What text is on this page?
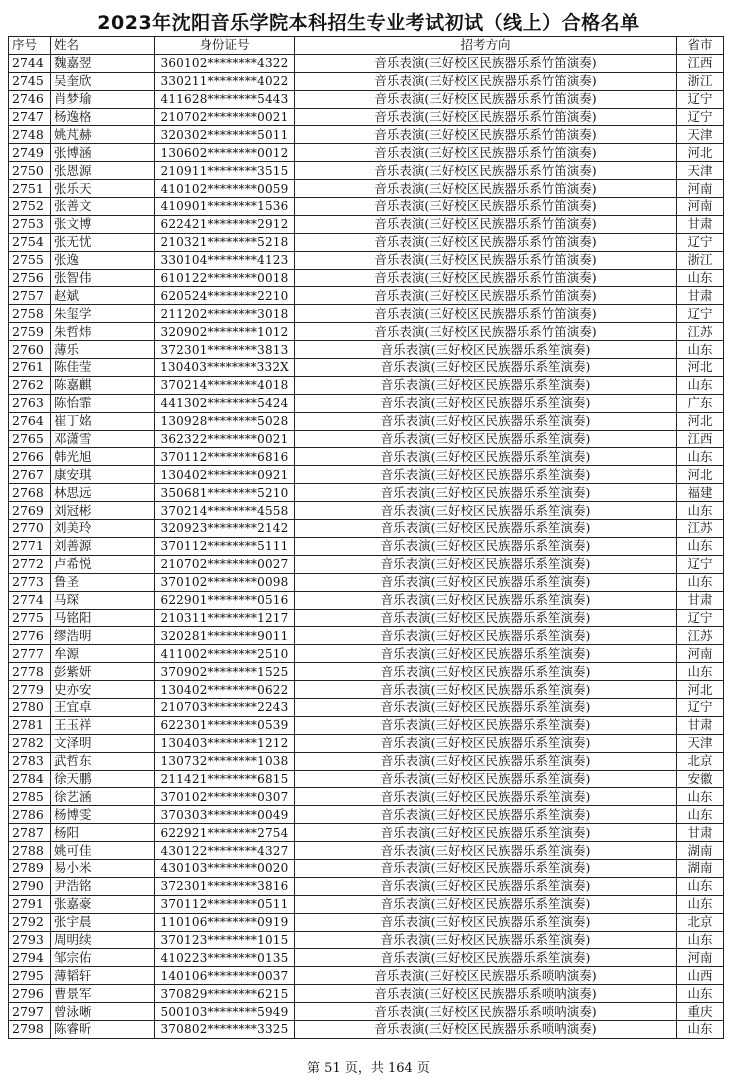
2023年沈阳音乐学院本科招生专业考试初试（线上）合格名单
序号	姓名	身份证号	招考方向	省市
2744	魏嘉翌	360102********4322	音乐表演(三好校区民族器乐系竹笛演奏)	江西
2745	吴奎欣	330211********4022	音乐表演(三好校区民族器乐系竹笛演奏)	浙江
2746	肖梦瑜	411628********5443	音乐表演(三好校区民族器乐系竹笛演奏)	辽宁
2747	杨逸格	210702********0021	音乐表演(三好校区民族器乐系竹笛演奏)	辽宁
2748	姚芃赫	320302********5011	音乐表演(三好校区民族器乐系竹笛演奏)	天津
2749	张博涵	130602********0012	音乐表演(三好校区民族器乐系竹笛演奏)	河北
2750	张恩源	210911********3515	音乐表演(三好校区民族器乐系竹笛演奏)	天津
2751	张乐天	410102********0059	音乐表演(三好校区民族器乐系竹笛演奏)	河南
2752	张善文	410901********1536	音乐表演(三好校区民族器乐系竹笛演奏)	河南
2753	张文博	622421********2912	音乐表演(三好校区民族器乐系竹笛演奏)	甘肃
2754	张无忧	210321********5218	音乐表演(三好校区民族器乐系竹笛演奏)	辽宁
2755	张逸	330104********4123	音乐表演(三好校区民族器乐系竹笛演奏)	浙江
2756	张智伟	610122********0018	音乐表演(三好校区民族器乐系竹笛演奏)	山东
2757	赵斌	620524********2210	音乐表演(三好校区民族器乐系竹笛演奏)	甘肃
2758	朱玺学	211202********3018	音乐表演(三好校区民族器乐系竹笛演奏)	辽宁
2759	朱哲炜	320902********1012	音乐表演(三好校区民族器乐系竹笛演奏)	江苏
2760	薄乐	372301********3813	音乐表演(三好校区民族器乐系笙演奏)	山东
2761	陈佳莹	130403********332X	音乐表演(三好校区民族器乐系笙演奏)	河北
2762	陈嘉麒	370214********4018	音乐表演(三好校区民族器乐系笙演奏)	山东
2763	陈怡霏	441302********5424	音乐表演(三好校区民族器乐系笙演奏)	广东
2764	崔丁姳	130928********5028	音乐表演(三好校区民族器乐系笙演奏)	河北
2765	邓潇雪	362322********0021	音乐表演(三好校区民族器乐系笙演奏)	江西
2766	韩光旭	370112********6816	音乐表演(三好校区民族器乐系笙演奏)	山东
2767	康安琪	130402********0921	音乐表演(三好校区民族器乐系笙演奏)	河北
2768	林思远	350681********5210	音乐表演(三好校区民族器乐系笙演奏)	福建
2769	刘冠彬	370214********4558	音乐表演(三好校区民族器乐系笙演奏)	山东
2770	刘美玲	320923********2142	音乐表演(三好校区民族器乐系笙演奏)	江苏
2771	刘善源	370112********5111	音乐表演(三好校区民族器乐系笙演奏)	山东
2772	卢希悦	210702********0027	音乐表演(三好校区民族器乐系笙演奏)	辽宁
2773	鲁圣	370102********0098	音乐表演(三好校区民族器乐系笙演奏)	山东
2774	马琛	622901********0516	音乐表演(三好校区民族器乐系笙演奏)	甘肃
2775	马铭阳	210311********1217	音乐表演(三好校区民族器乐系笙演奏)	辽宁
2776	缪浩明	320281********9011	音乐表演(三好校区民族器乐系笙演奏)	江苏
2777	牟源	411002********2510	音乐表演(三好校区民族器乐系笙演奏)	河南
2778	彭紫妍	370902********1525	音乐表演(三好校区民族器乐系笙演奏)	山东
2779	史亦安	130402********0622	音乐表演(三好校区民族器乐系笙演奏)	河北
2780	王宜卓	210703********2243	音乐表演(三好校区民族器乐系笙演奏)	辽宁
2781	王玉祥	622301********0539	音乐表演(三好校区民族器乐系笙演奏)	甘肃
2782	文泽明	130403********1212	音乐表演(三好校区民族器乐系笙演奏)	天津
2783	武哲东	130732********1038	音乐表演(三好校区民族器乐系笙演奏)	北京
2784	徐天鹏	211421********6815	音乐表演(三好校区民族器乐系笙演奏)	安徽
2785	徐艺涵	370102********0307	音乐表演(三好校区民族器乐系笙演奏)	山东
2786	杨博雯	370303********0049	音乐表演(三好校区民族器乐系笙演奏)	山东
2787	杨阳	622921********2754	音乐表演(三好校区民族器乐系笙演奏)	甘肃
2788	姚可佳	430122********4327	音乐表演(三好校区民族器乐系笙演奏)	湖南
2789	易小米	430103********0020	音乐表演(三好校区民族器乐系笙演奏)	湖南
2790	尹浩铭	372301********3816	音乐表演(三好校区民族器乐系笙演奏)	山东
2791	张嘉豪	370112********0511	音乐表演(三好校区民族器乐系笙演奏)	山东
2792	张宇晨	110106********0919	音乐表演(三好校区民族器乐系笙演奏)	北京
2793	周明续	370123********1015	音乐表演(三好校区民族器乐系笙演奏)	山东
2794	邹宗佑	410223********0135	音乐表演(三好校区民族器乐系笙演奏)	河南
2795	薄韬轩	140106********0037	音乐表演(三好校区民族器乐系唢呐演奏)	山西
2796	曹景军	370829********6215	音乐表演(三好校区民族器乐系唢呐演奏)	山东
2797	曾泳晰	500103********5949	音乐表演(三好校区民族器乐系唢呐演奏)	重庆
2798	陈睿昕	370802********3325	音乐表演(三好校区民族器乐系唢呐演奏)	山东
第 51 页，共 164 页
